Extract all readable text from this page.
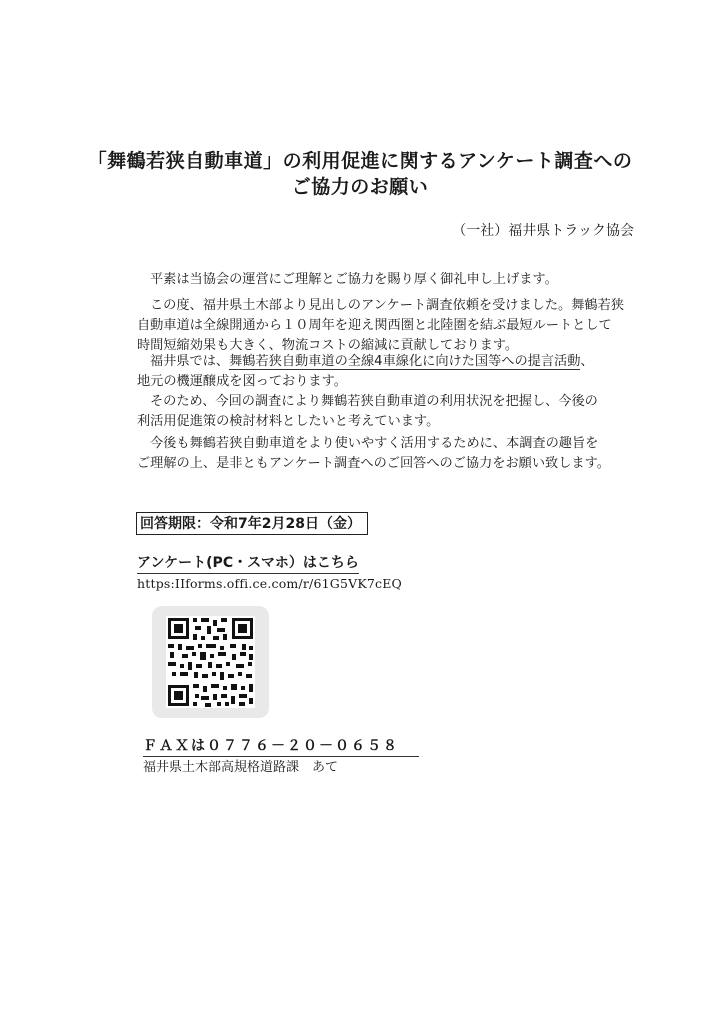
「舞鶴若狭自動車道」の利用促進に関するアンケート調査への
ご協力のお願い
（一社）福井県トラック協会
平素は当協会の運営にご理解とご協力を賜り厚く御礼申し上げます。
この度、福井県土木部より見出しのアンケート調査依頼を受けました。舞鶴若狭
自動車道は全線開通から１０周年を迎え関西圏と北陸圏を結ぶ最短ルートとして
時間短縮効果も大きく、物流コストの縮減に貢献しております。
福井県では、舞鶴若狭自動車道の全線4車線化に向けた国等への提言活動、
地元の機運醸成を図っております。
そのため、今回の調査により舞鶴若狭自動車道の利用状況を把握し、今後の
利活用促進策の検討材料としたいと考えています。
今後も舞鶴若狭自動車道をより使いやすく活用するために、本調査の趣旨を
ご理解の上、是非ともアンケート調査へのご回答へのご協力をお願い致します。
回答期限：令和7年2月28日（金）
アンケート(PC・スマホ）はこちら
https:IIforms.offi.ce.com/r/61G5VK7cEQ
ＦＡＸは０７７６－２０－０６５８
福井県土木部高規格道路課　あて
